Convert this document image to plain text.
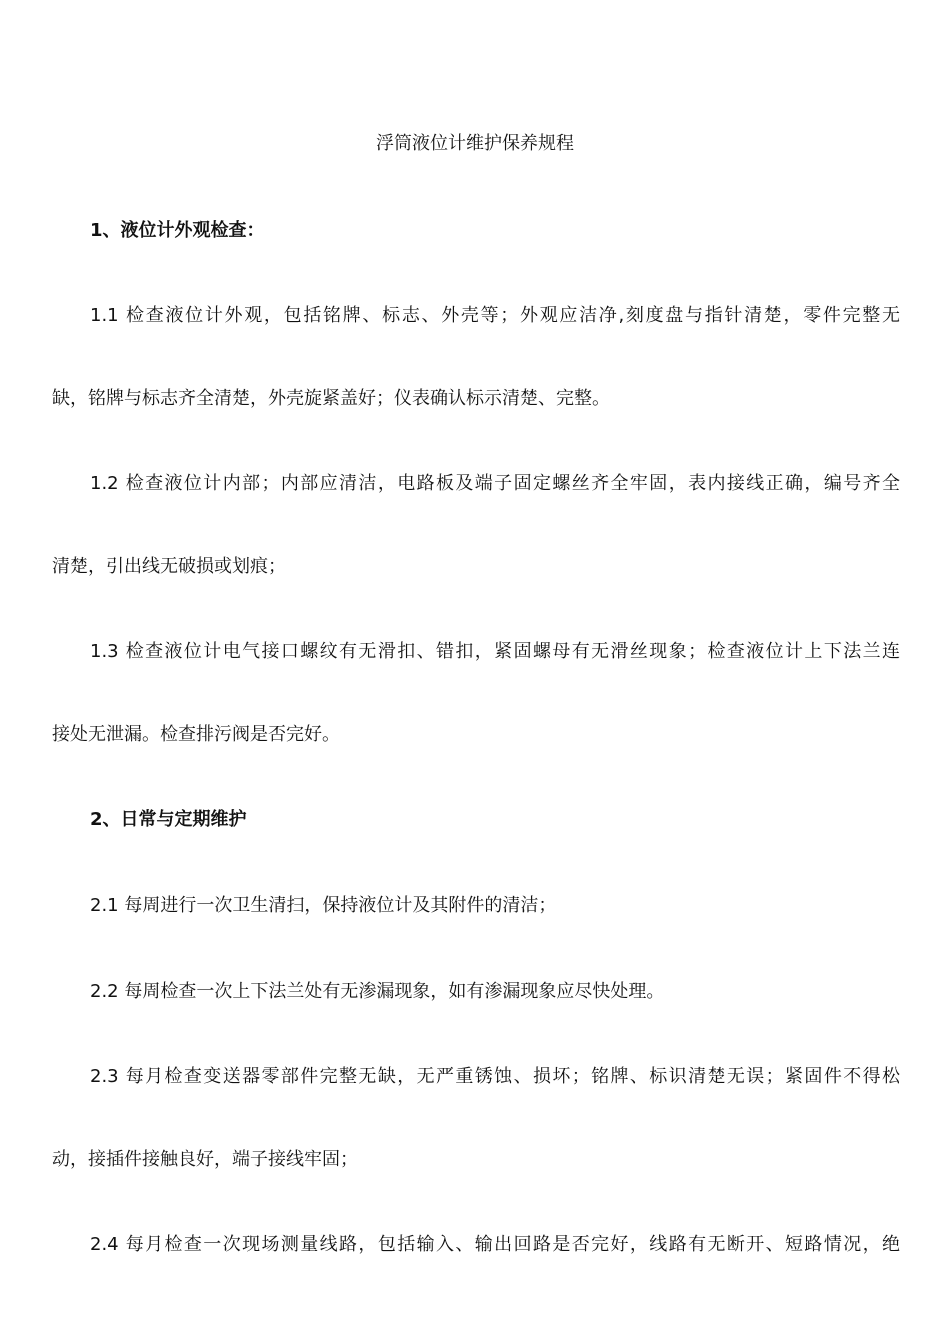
浮筒液位计维护保养规程
1、液位计外观检查：
1.1 检查液位计外观，包括铭牌、标志、外壳等；外观应洁净,刻度盘与指针清楚，零件完整无
缺，铭牌与标志齐全清楚，外壳旋紧盖好；仪表确认标示清楚、完整。
1.2 检查液位计内部；内部应清洁，电路板及端子固定螺丝齐全牢固，表内接线正确，编号齐全
清楚，引出线无破损或划痕；
1.3 检查液位计电气接口螺纹有无滑扣、错扣，紧固螺母有无滑丝现象；检查液位计上下法兰连
接处无泄漏。检查排污阀是否完好。
2、日常与定期维护
2.1 每周进行一次卫生清扫，保持液位计及其附件的清洁；
2.2 每周检查一次上下法兰处有无渗漏现象，如有渗漏现象应尽快处理。
2.3 每月检查变送器零部件完整无缺，无严重锈蚀、损坏；铭牌、标识清楚无误；紧固件不得松
动，接插件接触良好，端子接线牢固；
2.4 每月检查一次现场测量线路，包括输入、输出回路是否完好，线路有无断开、短路情况，绝
